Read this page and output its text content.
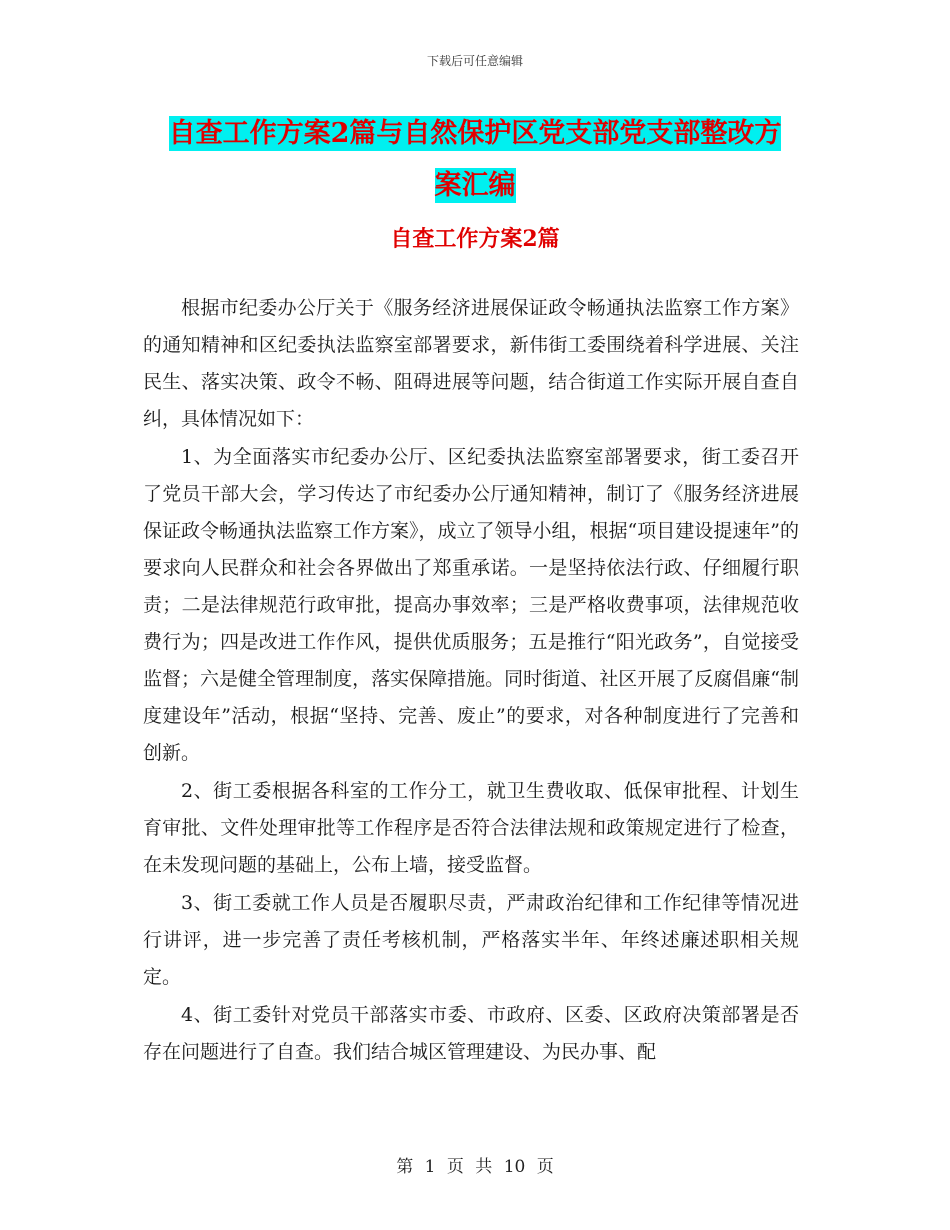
下载后可任意编辑
自查工作方案2篇与自然保护区党支部党支部整改方
案汇编
自查工作方案2篇

根据市纪委办公厅关于《服务经济进展保证政令畅通执法监察工作方案》的通知精神和区纪委执法监察室部署要求，新伟街工委围绕着科学进展、关注民生、落实决策、政令不畅、阻碍进展等问题，结合街道工作实际开展自查自纠，具体情况如下：

1、为全面落实市纪委办公厅、区纪委执法监察室部署要求，街工委召开了党员干部大会，学习传达了市纪委办公厅通知精神，制订了《服务经济进展保证政令畅通执法监察工作方案》，成立了领导小组，根据“项目建设提速年”的要求向人民群众和社会各界做出了郑重承诺。一是坚持依法行政、仔细履行职责；二是法律规范行政审批，提高办事效率；三是严格收费事项，法律规范收费行为；四是改进工作作风，提供优质服务；五是推行“阳光政务”，自觉接受监督；六是健全管理制度，落实保障措施。同时街道、社区开展了反腐倡廉“制度建设年”活动，根据“坚持、完善、废止”的要求，对各种制度进行了完善和创新。

2、街工委根据各科室的工作分工，就卫生费收取、低保审批程、计划生育审批、文件处理审批等工作程序是否符合法律法规和政策规定进行了检查，在未发现问题的基础上，公布上墙，接受监督。

3、街工委就工作人员是否履职尽责，严肃政治纪律和工作纪律等情况进行讲评，进一步完善了责任考核机制，严格落实半年、年终述廉述职相关规定。

4、街工委针对党员干部落实市委、市政府、区委、区政府决策部署是否存在问题进行了自查。我们结合城区管理建设、为民办事、配

第 1 页 共 10 页
